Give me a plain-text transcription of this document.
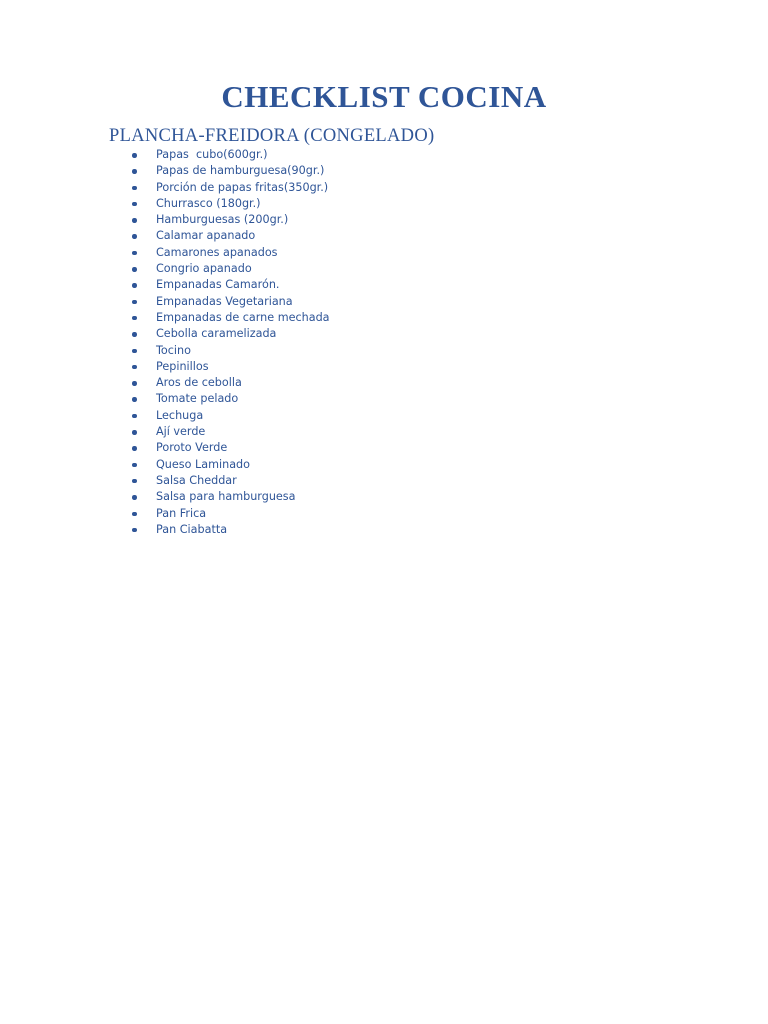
CHECKLIST COCINA
PLANCHA-FREIDORA (CONGELADO)
Papas  cubo(600gr.)
Papas de hamburguesa(90gr.)
Porción de papas fritas(350gr.)
Churrasco (180gr.)
Hamburguesas (200gr.)
Calamar apanado
Camarones apanados
Congrio apanado
Empanadas Camarón.
Empanadas Vegetariana
Empanadas de carne mechada
Cebolla caramelizada
Tocino
Pepinillos
Aros de cebolla
Tomate pelado
Lechuga
Ají verde
Poroto Verde
Queso Laminado
Salsa Cheddar
Salsa para hamburguesa
Pan Frica
Pan Ciabatta
